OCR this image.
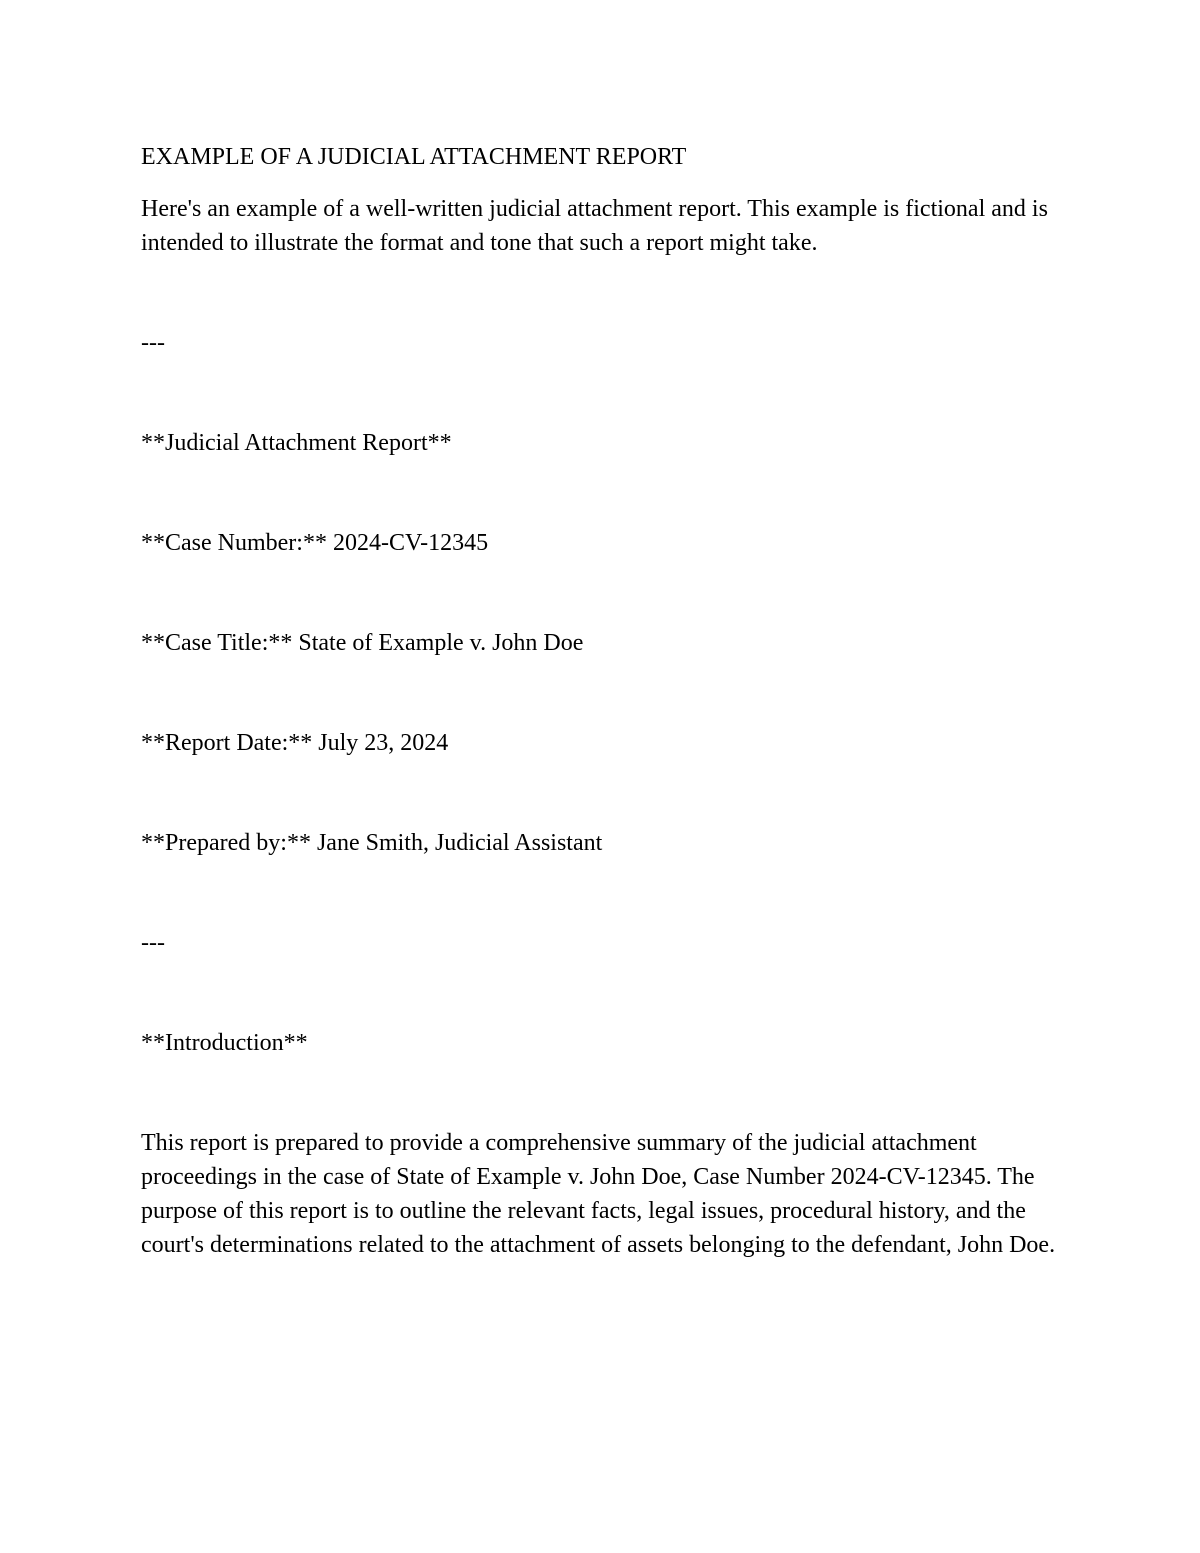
EXAMPLE OF A JUDICIAL ATTACHMENT REPORT

Here's an example of a well-written judicial attachment report. This example is fictional and is intended to illustrate the format and tone that such a report might take.

---

**Judicial Attachment Report**

**Case Number:** 2024-CV-12345

**Case Title:** State of Example v. John Doe

**Report Date:** July 23, 2024

**Prepared by:** Jane Smith, Judicial Assistant

---

**Introduction**

This report is prepared to provide a comprehensive summary of the judicial attachment proceedings in the case of State of Example v. John Doe, Case Number 2024-CV-12345. The purpose of this report is to outline the relevant facts, legal issues, procedural history, and the court's determinations related to the attachment of assets belonging to the defendant, John Doe.
